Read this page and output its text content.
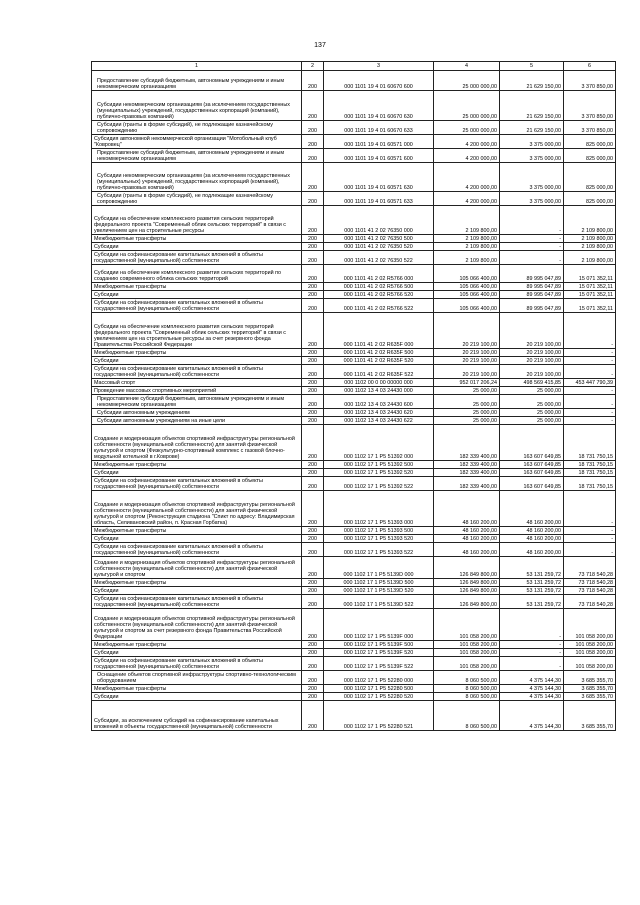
137
1	2	3	4	5	6
Предоставление субсидий бюджетным, автономным учреждениям и иным некоммерческим организациям	200	000 1101 19 4 01 60670 600	25 000 000,00	21 629 150,00	3 370 850,00
Субсидии некоммерческим организациям (за исключением государственных (муниципальных) учреждений, государственных корпораций (компаний), публично-правовых компаний)	200	000 1101 19 4 01 60670 630	25 000 000,00	21 629 150,00	3 370 850,00
Субсидии (гранты в форме субсидий), не подлежащие казначейскому сопровождению	200	000 1101 19 4 01 60670 633	25 000 000,00	21 629 150,00	3 370 850,00
Субсидия автономной некоммерческой организации "Мотобольный клуб "Ковровец"	200	000 1101 19 4 01 60571 000	4 200 000,00	3 375 000,00	825 000,00
Предоставление субсидий бюджетным, автономным учреждениям и иным некоммерческим организациям	200	000 1101 19 4 01 60571 600	4 200 000,00	3 375 000,00	825 000,00
Субсидии некоммерческим организациям (за исключением государственных (муниципальных) учреждений, государственных корпораций (компаний), публично-правовых компаний)	200	000 1101 19 4 01 60571 630	4 200 000,00	3 375 000,00	825 000,00
Субсидии (гранты в форме субсидий), не подлежащие казначейскому сопровождению	200	000 1101 19 4 01 60571 633	4 200 000,00	3 375 000,00	825 000,00
Субсидии на обеспечение комплексного развития сельских территорий федерального проекта "Современный облик сельских территорий" в связи с увеличением цен на строительные ресурсы	200	000 1101 41 2 02 76350 000	2 109 800,00	-	2 109 800,00
Межбюджетные трансферты	200	000 1101 41 2 02 76350 500	2 109 800,00	-	2 109 800,00
Субсидии	200	000 1101 41 2 02 76350 520	2 109 800,00	-	2 109 800,00
Субсидии на софинансирование капитальных вложений в объекты государственной (муниципальной) собственности	200	000 1101 41 2 02 76350 522	2 109 800,00	-	2 109 800,00
Субсидии на обеспечение комплексного развития сельских территорий по созданию современного облика сельских территорий	200	000 1101 41 2 02 R5766 000	105 066 400,00	89 995 047,89	15 071 352,11
Межбюджетные трансферты	200	000 1101 41 2 02 R5766 500	105 066 400,00	89 995 047,89	15 071 352,11
Субсидии	200	000 1101 41 2 02 R5766 520	105 066 400,00	89 995 047,89	15 071 352,11
Субсидии на софинансирование капитальных вложений в объекты государственной (муниципальной) собственности	200	000 1101 41 2 02 R5766 522	105 066 400,00	89 995 047,89	15 071 352,11
Субсидии на обеспечение комплексного развития сельских территорий федерального проекта "Современный облик сельских территорий" в связи с увеличением цен на строительные ресурсы за счет резервного фонда Правительства Российской Федерации	200	000 1101 41 2 02 R635F 000	20 219 100,00	20 219 100,00	-
Межбюджетные трансферты	200	000 1101 41 2 02 R635F 500	20 219 100,00	20 219 100,00	-
Субсидии	200	000 1101 41 2 02 R635F 520	20 219 100,00	20 219 100,00	-
Субсидии на софинансирование капитальных вложений в объекты государственной (муниципальной) собственности	200	000 1101 41 2 02 R635F 522	20 219 100,00	20 219 100,00	-
Массовый спорт	200	000 1102 00 0 00 00000 000	952 017 206,24	498 569 415,85	453 447 790,39
Проведение массовых спортивных мероприятий	200	000 1102 13 4 03 24430 000	25 000,00	25 000,00	-
Предоставление субсидий бюджетным, автономным учреждениям и иным некоммерческим организациям	200	000 1102 13 4 03 24430 600	25 000,00	25 000,00	-
Субсидии автономным учреждениям	200	000 1102 13 4 03 24430 620	25 000,00	25 000,00	-
Субсидии автономным учреждениям на иные цели	200	000 1102 13 4 03 24430 622	25 000,00	25 000,00	-
Создание и модернизация объектов спортивной инфраструктуры региональной собственности (муниципальной собственности) для занятий физической культурой и спортом (Физкультурно-спортивный комплекс с газовой блочно-модульной котельной в г.Коврове)	200	000 1102 17 1 P5 51392 000	182 339 400,00	163 607 649,85	18 731 750,15
Межбюджетные трансферты	200	000 1102 17 1 P5 51392 500	182 339 400,00	163 607 649,85	18 731 750,15
Субсидии	200	000 1102 17 1 P5 51392 520	182 339 400,00	163 607 649,85	18 731 750,15
Субсидии на софинансирование капитальных вложений в объекты государственной (муниципальной) собственности	200	000 1102 17 1 P5 51392 522	182 339 400,00	163 607 649,85	18 731 750,15
Создание и модернизация объектов спортивной инфраструктуры региональной собственности (муниципальной собственности) для занятий физической культурой и спортом (Реконструкция стадиона "Спикт по адресу: Владимирская область, Селивановский район, п. Красная Горбатка)	200	000 1102 17 1 P5 51393 000	48 160 200,00	48 160 200,00	-
Межбюджетные трансферты	200	000 1102 17 1 P5 51393 500	48 160 200,00	48 160 200,00	-
Субсидии	200	000 1102 17 1 P5 51393 520	48 160 200,00	48 160 200,00	-
Субсидии на софинансирование капитальных вложений в объекты государственной (муниципальной) собственности	200	000 1102 17 1 P5 51393 522	48 160 200,00	48 160 200,00	-
Создание и модернизация объектов спортивной инфраструктуры региональной собственности (муниципальной собственности) для занятий физической культурой и спортом	200	000 1102 17 1 P5 5139D 000	126 849 800,00	53 131 259,72	73 718 540,28
Межбюджетные трансферты	200	000 1102 17 1 P5 5139D 500	126 849 800,00	53 131 259,72	73 718 540,28
Субсидии	200	000 1102 17 1 P5 5139D 520	126 849 800,00	53 131 259,72	73 718 540,28
Субсидии на софинансирование капитальных вложений в объекты государственной (муниципальной) собственности	200	000 1102 17 1 P5 5139D 522	126 849 800,00	53 131 259,72	73 718 540,28
Создание и модернизация объектов спортивной инфраструктуры региональной собственности (муниципальной собственности) для занятий физической культурой и спортом за счет резервного фонда Правительства Российской Федерации	200	000 1102 17 1 P5 5139F 000	101 058 200,00	-	101 058 200,00
Межбюджетные трансферты	200	000 1102 17 1 P5 5139F 500	101 058 200,00	-	101 058 200,00
Субсидии	200	000 1102 17 1 P5 5139F 520	101 058 200,00	-	101 058 200,00
Субсидии на софинансирование капитальных вложений в объекты государственной (муниципальной) собственности	200	000 1102 17 1 P5 5139F 522	101 058 200,00	-	101 058 200,00
Оснащение объектов спортивной инфраструктуры спортивно-технологическим оборудованием	200	000 1102 17 1 P5 52280 000	8 060 500,00	4 375 144,30	3 685 355,70
Межбюджетные трансферты	200	000 1102 17 1 P5 52280 500	8 060 500,00	4 375 144,30	3 685 355,70
Субсидии	200	000 1102 17 1 P5 52280 520	8 060 500,00	4 375 144,30	3 685 355,70
Субсидии, за исключением субсидий на софинансирование капитальных вложений в объекты государственной (муниципальной) собственности	200	000 1102 17 1 P5 52280 521	8 060 500,00	4 375 144,30	3 685 355,70
